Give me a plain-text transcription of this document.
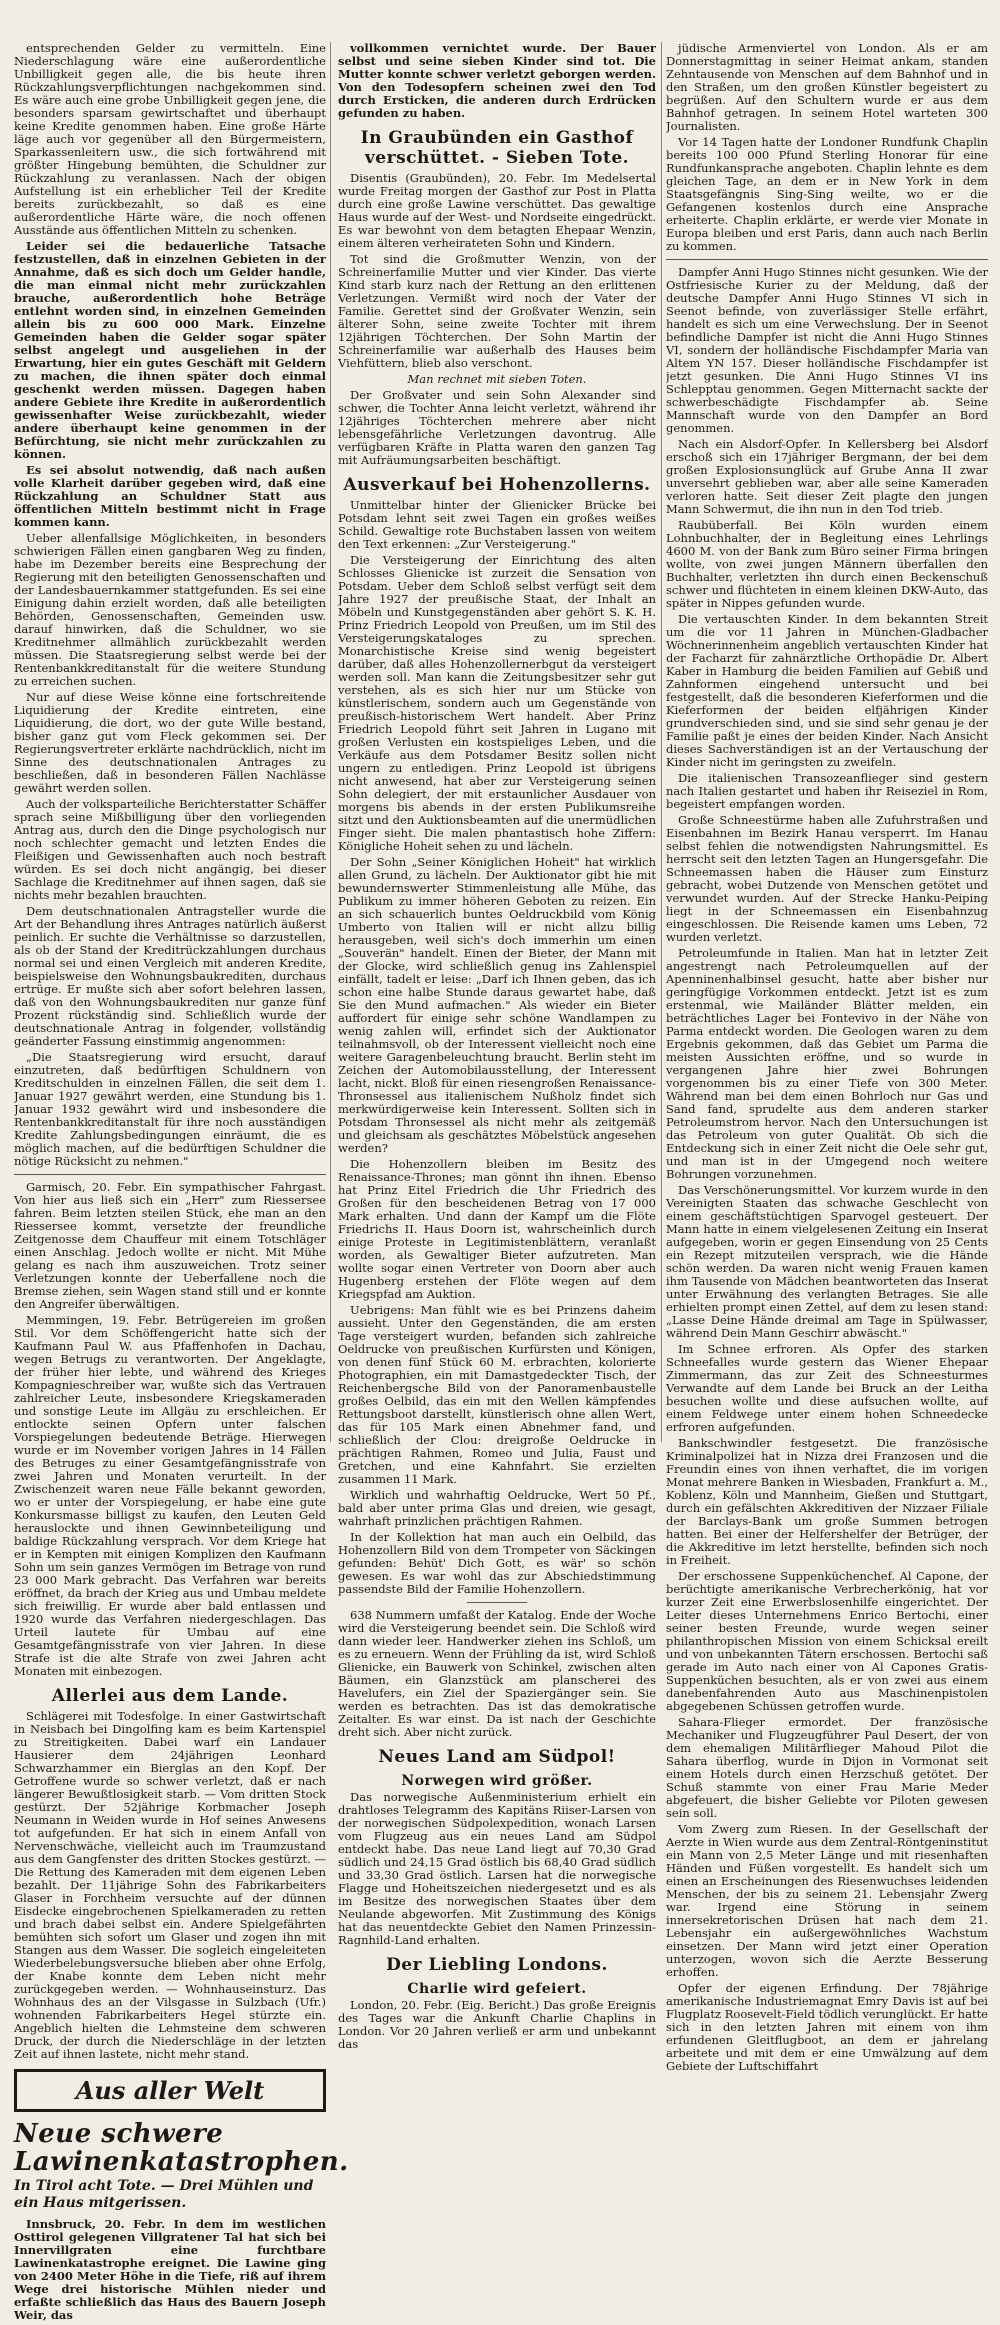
entsprechenden Gelder zu vermitteln. Eine Niederschlagung wäre eine außerordentliche Unbilligkeit gegen alle, die bis heute ihren Rückzahlungsverpflichtungen nachgekommen sind. Es wäre auch eine grobe Unbilligkeit gegen jene, die besonders sparsam gewirtschaftet und überhaupt keine Kredite genommen haben. Eine große Härte läge auch vor gegenüber all den Bürgermeistern, Sparkassenleitern usw., die sich fortwährend mit größter Hingebung bemühten, die Schuldner zur Rückzahlung zu veranlassen. Nach der obigen Aufstellung ist ein erheblicher Teil der Kredite bereits zurückbezahlt, so daß es eine außerordentliche Härte wäre, die noch offenen Ausstände aus öffentlichen Mitteln zu schenken.

Leider sei die bedauerliche Tatsache festzustellen, daß in einzelnen Gebieten in der Annahme, daß es sich doch um Gelder handle, die man einmal nicht mehr zurückzahlen brauche, außerordentlich hohe Beträge entlehnt worden sind, in einzelnen Gemeinden allein bis zu 600 000 Mark. Einzelne Gemeinden haben die Gelder sogar später selbst angelegt und ausgeliehen in der Erwartung, hier ein gutes Geschäft mit Geldern zu machen, die ihnen später doch einmal geschenkt werden müssen. Dagegen haben andere Gebiete ihre Kredite in außerordentlich gewissenhafter Weise zurückbezahlt, wieder andere überhaupt keine genommen in der Befürchtung, sie nicht mehr zurückzahlen zu können.

Es sei absolut notwendig, daß nach außen volle Klarheit darüber gegeben wird, daß eine Rückzahlung an Schuldner Statt aus öffentlichen Mitteln bestimmt nicht in Frage kommen kann.

Ueber allenfallsige Möglichkeiten, in besonders schwierigen Fällen einen gangbaren Weg zu finden, habe im Dezember bereits eine Besprechung der Regierung mit den beteiligten Genossenschaften und der Landesbauernkammer stattgefunden. Es sei eine Einigung dahin erzielt worden, daß alle beteiligten Behörden, Genossenschaften, Gemeinden usw. darauf hinwirken, daß die Schuldner, wo sie Kreditnehmer allmählich zurückbezahlt werden müssen. Die Staatsregierung selbst werde bei der Rentenbankkreditanstalt für die weitere Stundung zu erreichen suchen.

Nur auf diese Weise könne eine fortschreitende Liquidierung der Kredite eintreten, eine Liquidierung, die dort, wo der gute Wille bestand, bisher ganz gut vom Fleck gekommen sei. Der Regierungsvertreter erklärte nachdrücklich, nicht im Sinne des deutschnationalen Antrages zu beschließen, daß in besonderen Fällen Nachlässe gewährt werden sollen.

Auch der volksparteiliche Berichterstatter Schäffer sprach seine Mißbilligung über den vorliegenden Antrag aus, durch den die Dinge psychologisch nur noch schlechter gemacht und letzten Endes die Fleißigen und Gewissenhaften auch noch bestraft würden. Es sei doch nicht angängig, bei dieser Sachlage die Kreditnehmer auf ihnen sagen, daß sie nichts mehr bezahlen brauchten.

Dem deutschnationalen Antragsteller wurde die Art der Behandlung ihres Antrages natürlich äußerst peinlich. Er suchte die Verhältnisse so darzustellen, als ob der Stand der Kreditrückzahlungen durchaus normal sei und einen Vergleich mit anderen Kredite, beispielsweise den Wohnungsbaukrediten, durchaus ertrüge. Er mußte sich aber sofort belehren lassen, daß von den Wohnungsbaukrediten nur ganze fünf Prozent rückständig sind. Schließlich wurde der deutschnationale Antrag in folgender, vollständig geänderter Fassung einstimmig angenommen:

„Die Staatsregierung wird ersucht, darauf einzutreten, daß bedürftigen Schuldnern von Kreditschulden in einzelnen Fällen, die seit dem 1. Januar 1927 gewährt werden, eine Stundung bis 1. Januar 1932 gewährt wird und insbesondere die Rentenbankkreditanstalt für ihre noch ausständigen Kredite Zahlungsbedingungen einräumt, die es möglich machen, auf die bedürftigen Schuldner die nötige Rücksicht zu nehmen."

Garmisch, 20. Febr. Ein sympathischer Fahrgast. Von hier aus ließ sich ein „Herr" zum Riessersee fahren. Beim letzten steilen Stück, ehe man an den Riessersee kommt, versetzte der freundliche Zeitgenosse dem Chauffeur mit einem Totschläger einen Anschlag. Jedoch wollte er nicht. Mit Mühe gelang es nach ihm auszuweichen. Trotz seiner Verletzungen konnte der Ueberfallene noch die Bremse ziehen, sein Wagen stand still und er konnte den Angreifer überwältigen.

Memmingen, 19. Febr. Betrügereien im großen Stil. Vor dem Schöffengericht hatte sich der Kaufmann Paul W. aus Pfaffenhofen in Dachau, wegen Betrugs zu verantworten. Der Angeklagte, der früher hier lebte, und während des Krieges Kompagnieschreiber war, wußte sich das Vertrauen zahlreicher Leute, insbesondere Kriegskameraden und sonstige Leute im Allgäu zu erschleichen. Er entlockte seinen Opfern unter falschen Vorspiegelungen bedeutende Beträge. Hierwegen wurde er im November vorigen Jahres in 14 Fällen des Betruges zu einer Gesamtgefängnisstrafe von zwei Jahren und Monaten verurteilt. In der Zwischenzeit waren neue Fälle bekannt geworden, wo er unter der Vorspiegelung, er habe eine gute Konkursmasse billigst zu kaufen, den Leuten Geld herauslockte und ihnen Gewinnbeteiligung und baldige Rückzahlung versprach. Vor dem Kriege hat er in Kempten mit einigen Komplizen den Kaufmann Sohn um sein ganzes Vermögen im Betrage von rund 23 000 Mark gebracht. Das Verfahren war bereits eröffnet, da brach der Krieg aus und Umbau meldete sich freiwillig. Er wurde aber bald entlassen und 1920 wurde das Verfahren niedergeschlagen. Das Urteil lautete für Umbau auf eine Gesamtgefängnisstrafe von vier Jahren. In diese Strafe ist die alte Strafe von zwei Jahren acht Monaten mit einbezogen.

Allerlei aus dem Lande.

Schlägerei mit Todesfolge. In einer Gastwirtschaft in Neisbach bei Dingolfing kam es beim Kartenspiel zu Streitigkeiten. Dabei warf ein Landauer Hausierer dem 24jährigen Leonhard Schwarzhammer ein Bierglas an den Kopf. Der Getroffene wurde so schwer verletzt, daß er nach längerer Bewußtlosigkeit starb. — Vom dritten Stock gestürzt. Der 52jährige Korbmacher Joseph Neumann in Weiden wurde in Hof seines Anwesens tot aufgefunden. Er hat sich in einem Anfall von Nervenschwäche, vielleicht auch im Traumzustand aus dem Gangfenster des dritten Stockes gestürzt. — Die Rettung des Kameraden mit dem eigenen Leben bezahlt. Der 11jährige Sohn des Fabrikarbeiters Glaser in Forchheim versuchte auf der dünnen Eisdecke eingebrochenen Spielkameraden zu retten und brach dabei selbst ein. Andere Spielgefährten bemühten sich sofort um Glaser und zogen ihn mit Stangen aus dem Wasser. Die sogleich eingeleiteten Wiederbelebungsversuche blieben aber ohne Erfolg, der Knabe konnte dem Leben nicht mehr zurückgegeben werden. — Wohnhauseinsturz. Das Wohnhaus des an der Vilsgasse in Sulzbach (Ufr.) wohnenden Fabrikarbeiters Hegel stürzte ein. Angeblich hielten die Lehmsteine dem schweren Druck, der durch die Niederschläge in der letzten Zeit auf ihnen lastete, nicht mehr stand.

Aus aller Welt
Neue schwere Lawinenkatastrophen.
In Tirol acht Tote. — Drei Mühlen und ein Haus mitgerissen.

Innsbruck, 20. Febr. In dem im westlichen Osttirol gelegenen Villgratener Tal hat sich bei Innervillgraten eine furchtbare Lawinenkatastrophe ereignet. Die Lawine ging von 2400 Meter Höhe in die Tiefe, riß auf ihrem Wege drei historische Mühlen nieder und erfaßte schließlich das Haus des Bauern Joseph Weir, das

vollkommen vernichtet wurde. Der Bauer selbst und seine sieben Kinder sind tot. Die Mutter konnte schwer verletzt geborgen werden. Von den Todesopfern scheinen zwei den Tod durch Ersticken, die anderen durch Erdrücken gefunden zu haben.

In Graubünden ein Gasthof verschüttet. - Sieben Tote.

Disentis (Graubünden), 20. Febr. Im Medelsertal wurde Freitag morgen der Gasthof zur Post in Platta durch eine große Lawine verschüttet. Das gewaltige Haus wurde auf der West- und Nordseite eingedrückt. Es war bewohnt von dem betagten Ehepaar Wenzin, einem älteren verheirateten Sohn und Kindern.

Tot sind die Großmutter Wenzin, von der Schreinerfamilie Mutter und vier Kinder. Das vierte Kind starb kurz nach der Rettung an den erlittenen Verletzungen. Vermißt wird noch der Vater der Familie. Gerettet sind der Großvater Wenzin, sein älterer Sohn, seine zweite Tochter mit ihrem 12jährigen Töchterchen. Der Sohn Martin der Schreinerfamilie war außerhalb des Hauses beim Viehfüttern, blieb also verschont.

Man rechnet mit sieben Toten.

Der Großvater und sein Sohn Alexander sind schwer, die Tochter Anna leicht verletzt, während ihr 12jähriges Töchterchen mehrere aber nicht lebensgefährliche Verletzungen davontrug. Alle verfügbaren Kräfte in Platta waren den ganzen Tag mit Aufräumungsarbeiten beschäftigt.

Ausverkauf bei Hohenzollerns.

Unmittelbar hinter der Glienicker Brücke bei Potsdam lehnt seit zwei Tagen ein großes weißes Schild. Gewaltige rote Buchstaben lassen von weitem den Text erkennen: „Zur Versteigerung."

Die Versteigerung der Einrichtung des alten Schlosses Glienicke ist zurzeit die Sensation von Potsdam. Ueber dem Schloß selbst verfügt seit dem Jahre 1927 der preußische Staat, der Inhalt an Möbeln und Kunstgegenständen aber gehört S. K. H. Prinz Friedrich Leopold von Preußen, um im Stil des Versteigerungskataloges zu sprechen. Monarchistische Kreise sind wenig begeistert darüber, daß alles Hohenzollernerbgut da versteigert werden soll. Man kann die Zeitungsbesitzer sehr gut verstehen, als es sich hier nur um Stücke von künstlerischem, sondern auch um Gegenstände von preußisch-historischem Wert handelt. Aber Prinz Friedrich Leopold führt seit Jahren in Lugano mit großen Verlusten ein kostspieliges Leben, und die Verkäufe aus dem Potsdamer Besitz sollen nicht ungern zu entledigen. Prinz Leopold ist übrigens nicht anwesend, hat aber zur Versteigerung seinen Sohn delegiert, der mit erstaunlicher Ausdauer von morgens bis abends in der ersten Publikumsreihe sitzt und den Auktionsbeamten auf die unermüdlichen Finger sieht. Die malen phantastisch hohe Ziffern: Königliche Hoheit sehen zu und lächeln.

Der Sohn „Seiner Königlichen Hoheit" hat wirklich allen Grund, zu lächeln. Der Auktionator gibt hie mit bewundernswerter Stimmenleistung alle Mühe, das Publikum zu immer höheren Geboten zu reizen. Ein an sich schauerlich buntes Oeldruckbild vom König Umberto von Italien will er nicht allzu billig herausgeben, weil sich's doch immerhin um einen „Souverän" handelt. Einen der Bieter, der Mann mit der Glocke, wird schließlich genug ins Zahlenspiel einfällt, tadelt er leise: „Darf ich Ihnen geben, das ich schon eine halbe Stunde daraus gewartet habe, daß Sie den Mund aufmachen." Als wieder ein Bieter auffordert für einige sehr schöne Wandlampen zu wenig zahlen will, erfindet sich der Auktionator teilnahmsvoll, ob der Interessent vielleicht noch eine weitere Garagenbeleuchtung braucht. Berlin steht im Zeichen der Automobilausstellung, der Interessent lacht, nickt. Bloß für einen riesengroßen Renaissance-Thronsessel aus italienischem Nußholz findet sich merkwürdigerweise kein Interessent. Sollten sich in Potsdam Thronsessel als nicht mehr als zeitgemäß und gleichsam als geschätztes Möbelstück angesehen werden?

Die Hohenzollern bleiben im Besitz des Renaissance-Thrones; man gönnt ihn ihnen. Ebenso hat Prinz Eitel Friedrich die Uhr Friedrich des Großen für den bescheidenen Betrag von 17 000 Mark erhalten. Und dann der Kampf um die Flöte Friedrichs II. Haus Doorn ist, wahrscheinlich durch einige Proteste in Legitimistenblättern, veranlaßt worden, als Gewaltiger Bieter aufzutreten. Man wollte sogar einen Vertreter von Doorn aber auch Hugenberg erstehen der Flöte wegen auf dem Kriegspfad am Auktion.

Uebrigens: Man fühlt wie es bei Prinzens daheim aussieht. Unter den Gegenständen, die am ersten Tage versteigert wurden, befanden sich zahlreiche Oeldrucke von preußischen Kurfürsten und Königen, von denen fünf Stück 60 M. erbrachten, kolorierte Photographien, ein mit Damastgedeckter Tisch, der Reichenbergsche Bild von der Panoramenbaustelle großes Oelbild, das ein mit den Wellen kämpfendes Rettungsboot darstellt, künstlerisch ohne allen Wert, das für 105 Mark einen Abnehmer fand, und schließlich der Clou: dreigroße Oeldrucke in prächtigen Rahmen, Romeo und Julia, Faust und Gretchen, und eine Kahnfahrt. Sie erzielten zusammen 11 Mark.

Wirklich und wahrhaftig Oeldrucke, Wert 50 Pf., bald aber unter prima Glas und dreien, wie gesagt, wahrhaft prinzlichen prächtigen Rahmen.

In der Kollektion hat man auch ein Oelbild, das Hohenzollern Bild von dem Trompeter von Säckingen gefunden: Behüt' Dich Gott, es wär' so schön gewesen. Es war wohl das zur Abschiedstimmung passendste Bild der Familie Hohenzollern.

638 Nummern umfaßt der Katalog. Ende der Woche wird die Versteigerung beendet sein. Die Schloß wird dann wieder leer. Handwerker ziehen ins Schloß, um es zu erneuern. Wenn der Frühling da ist, wird Schloß Glienicke, ein Bauwerk von Schinkel, zwischen alten Bäumen, ein Glanzstück am planscherei des Havelufers, ein Ziel der Spaziergänger sein. Sie werden es betrachten. Das ist das demokratische Zeitalter. Es war einst. Da ist nach der Geschichte dreht sich. Aber nicht zurück.

Neues Land am Südpol!
Norwegen wird größer.

Das norwegische Außenministerium erhielt ein drahtloses Telegramm des Kapitäns Riiser-Larsen von der norwegischen Südpolexpedition, wonach Larsen vom Flugzeug aus ein neues Land am Südpol entdeckt habe. Das neue Land liegt auf 70,30 Grad südlich und 24,15 Grad östlich bis 68,40 Grad südlich und 33,30 Grad östlich. Larsen hat die norwegische Flagge und Hoheitszeichen niedergesetzt und es als im Besitze des norwegischen Staates über dem Neulande abgeworfen. Mit Zustimmung des Königs hat das neuentdeckte Gebiet den Namen Prinzessin-Ragnhild-Land erhalten.

Der Liebling Londons.
Charlie wird gefeiert.

London, 20. Febr. (Eig. Bericht.) Das große Ereignis des Tages war die Ankunft Charlie Chaplins in London. Vor 20 Jahren verließ er arm und unbekannt das

jüdische Armenviertel von London. Als er am Donnerstagmittag in seiner Heimat ankam, standen Zehntausende von Menschen auf dem Bahnhof und in den Straßen, um den großen Künstler begeistert zu begrüßen. Auf den Schultern wurde er aus dem Bahnhof getragen. In seinem Hotel warteten 300 Journalisten.

Vor 14 Tagen hatte der Londoner Rundfunk Chaplin bereits 100 000 Pfund Sterling Honorar für eine Rundfunkansprache angeboten. Chaplin lehnte es dem gleichen Tage, an dem er in New York in dem Staatsgefängnis Sing-Sing weilte, wo er die Gefangenen kostenlos durch eine Ansprache erheiterte. Chaplin erklärte, er werde vier Monate in Europa bleiben und erst Paris, dann auch nach Berlin zu kommen.

Dampfer Anni Hugo Stinnes nicht gesunken. Wie der Ostfriesische Kurier zu der Meldung, daß der deutsche Dampfer Anni Hugo Stinnes VI sich in Seenot befinde, von zuverlässiger Stelle erfährt, handelt es sich um eine Verwechslung. Der in Seenot befindliche Dampfer ist nicht die Anni Hugo Stinnes VI, sondern der holländische Fischdampfer Maria van Altem YN 157. Dieser holländische Fischdampfer ist jetzt gesunken. Die Anni Hugo Stinnes VI ins Schlepptau genommen. Gegen Mitternacht sackte der schwerbeschädigte Fischdampfer ab. Seine Mannschaft wurde von den Dampfer an Bord genommen.

Nach ein Alsdorf-Opfer. In Kellersberg bei Alsdorf erschoß sich ein 17jähriger Bergmann, der bei dem großen Explosionsunglück auf Grube Anna II zwar unversehrt geblieben war, aber alle seine Kameraden verloren hatte. Seit dieser Zeit plagte den jungen Mann Schwermut, die ihn nun in den Tod trieb.

Raubüberfall. Bei Köln wurden einem Lohnbuchhalter, der in Begleitung eines Lehrlings 4600 M. von der Bank zum Büro seiner Firma bringen wollte, von zwei jungen Männern überfallen den Buchhalter, verletzten ihn durch einen Beckenschuß schwer und flüchteten in einem kleinen DKW-Auto, das später in Nippes gefunden wurde.

Die vertauschten Kinder. In dem bekannten Streit um die vor 11 Jahren in München-Gladbacher Wöchnerinnenheim angeblich vertauschten Kinder hat der Facharzt für zahnärztliche Orthopädie Dr. Albert Kaber in Hamburg die beiden Familien auf Gebiß und Zahnformen eingehend untersucht und bei festgestellt, daß die besonderen Kieferformen und die Kieferformen der beiden elfjährigen Kinder grundverschieden sind, und sie sind sehr genau je der Familie paßt je eines der beiden Kinder. Nach Ansicht dieses Sachverständigen ist an der Vertauschung der Kinder nicht im geringsten zu zweifeln.

Die italienischen Transozeanflieger sind gestern nach Italien gestartet und haben ihr Reiseziel in Rom, begeistert empfangen worden.

Große Schneestürme haben alle Zufuhrstraßen und Eisenbahnen im Bezirk Hanau versperrt. Im Hanau selbst fehlen die notwendigsten Nahrungsmittel. Es herrscht seit den letzten Tagen an Hungersgefahr. Die Schneemassen haben die Häuser zum Einsturz gebracht, wobei Dutzende von Menschen getötet und verwundet wurden. Auf der Strecke Hanku-Peiping liegt in der Schneemassen ein Eisenbahnzug eingeschlossen. Die Reisende kamen ums Leben, 72 wurden verletzt.

Petroleumfunde in Italien. Man hat in letzter Zeit angestrengt nach Petroleumquellen auf der Apenninenhalbinsel gesucht, hatte aber bisher nur geringfügige Vorkommen entdeckt. Jetzt ist es zum erstenmal, wie Mailänder Blätter melden, ein beträchtliches Lager bei Fontevivo in der Nähe von Parma entdeckt worden. Die Geologen waren zu dem Ergebnis gekommen, daß das Gebiet um Parma die meisten Aussichten eröffne, und so wurde in vergangenen Jahre hier zwei Bohrungen vorgenommen bis zu einer Tiefe von 300 Meter. Während man bei dem einen Bohrloch nur Gas und Sand fand, sprudelte aus dem anderen starker Petroleumstrom hervor. Nach den Untersuchungen ist das Petroleum von guter Qualität. Ob sich die Entdeckung sich in einer Zeit nicht die Oele sehr gut, und man ist in der Umgegend noch weitere Bohrungen vorzunehmen.

Das Verschönerungsmittel. Vor kurzem wurde in den Vereinigten Staaten das schwache Geschlecht von einem geschäftstüchtigen Sparvogel gesteuert. Der Mann hatte in einem vielgelesenen Zeitung ein Inserat aufgegeben, worin er gegen Einsendung von 25 Cents ein Rezept mitzuteilen versprach, wie die Hände schön werden. Da waren nicht wenig Frauen kamen ihm Tausende von Mädchen beantworteten das Inserat unter Erwähnung des verlangten Betrages. Sie alle erhielten prompt einen Zettel, auf dem zu lesen stand: „Lasse Deine Hände dreimal am Tage in Spülwasser, während Dein Mann Geschirr abwäscht."

Im Schnee erfroren. Als Opfer des starken Schneefalles wurde gestern das Wiener Ehepaar Zimmermann, das zur Zeit des Schneesturmes Verwandte auf dem Lande bei Bruck an der Leitha besuchen wollte und diese aufsuchen wollte, auf einem Feldwege unter einem hohen Schneedecke erfroren aufgefunden.

Bankschwindler festgesetzt. Die französische Kriminalpolizei hat in Nizza drei Franzosen und die Freundin eines von ihnen verhaftet, die im vorigen Monat mehrere Banken in Wiesbaden, Frankfurt a. M., Koblenz, Köln und Mannheim, Gießen und Stuttgart, durch ein gefälschten Akkreditiven der Nizzaer Filiale der Barclays-Bank um große Summen betrogen hatten. Bei einer der Helfershelfer der Betrüger, der die Akkreditive im letzt herstellte, befinden sich noch in Freiheit.

Der erschossene Suppenküchenchef. Al Capone, der berüchtigte amerikanische Verbrecherkönig, hat vor kurzer Zeit eine Erwerbslosenhilfe eingerichtet. Der Leiter dieses Unternehmens Enrico Bertochi, einer seiner besten Freunde, wurde wegen seiner philanthropischen Mission von einem Schicksal ereilt und von unbekannten Tätern erschossen. Bertochi saß gerade im Auto nach einer von Al Capones Gratis-Suppenküchen besuchten, als er von zwei aus einem danebenfahrenden Auto aus Maschinenpistolen abgegebenen Schüssen getroffen wurde.

Sahara-Flieger ermordet. Der französische Mechaniker und Flugzeugführer Paul Desert, der von dem ehemaligen Militärflieger Mahoud Pilot die Sahara überflog, wurde in Dijon in Vormonat seit einem Hotels durch einen Herzschuß getötet. Der Schuß stammte von einer Frau Marie Meder abgefeuert, die bisher Geliebte vor Piloten gewesen sein soll.

Vom Zwerg zum Riesen. In der Gesellschaft der Aerzte in Wien wurde aus dem Zentral-Röntgeninstitut ein Mann von 2,5 Meter Länge und mit riesenhaften Händen und Füßen vorgestellt. Es handelt sich um einen an Erscheinungen des Riesenwuchses leidenden Menschen, der bis zu seinem 21. Lebensjahr Zwerg war. Irgend eine Störung in seinem innersekretorischen Drüsen hat nach dem 21. Lebensjahr ein außergewöhnliches Wachstum einsetzen. Der Mann wird jetzt einer Operation unterzogen, wovon sich die Aerzte Besserung erhoffen.

Opfer der eigenen Erfindung. Der 78jährige amerikanische Industriemagnat Emry Davis ist auf bei Flugplatz Roosevelt-Field tödlich verunglückt. Er hatte sich in den letzten Jahren mit einem von ihm erfundenen Gleitflugboot, an dem er jahrelang arbeitete und mit dem er eine Umwälzung auf dem Gebiete der Luftschiffahrt
